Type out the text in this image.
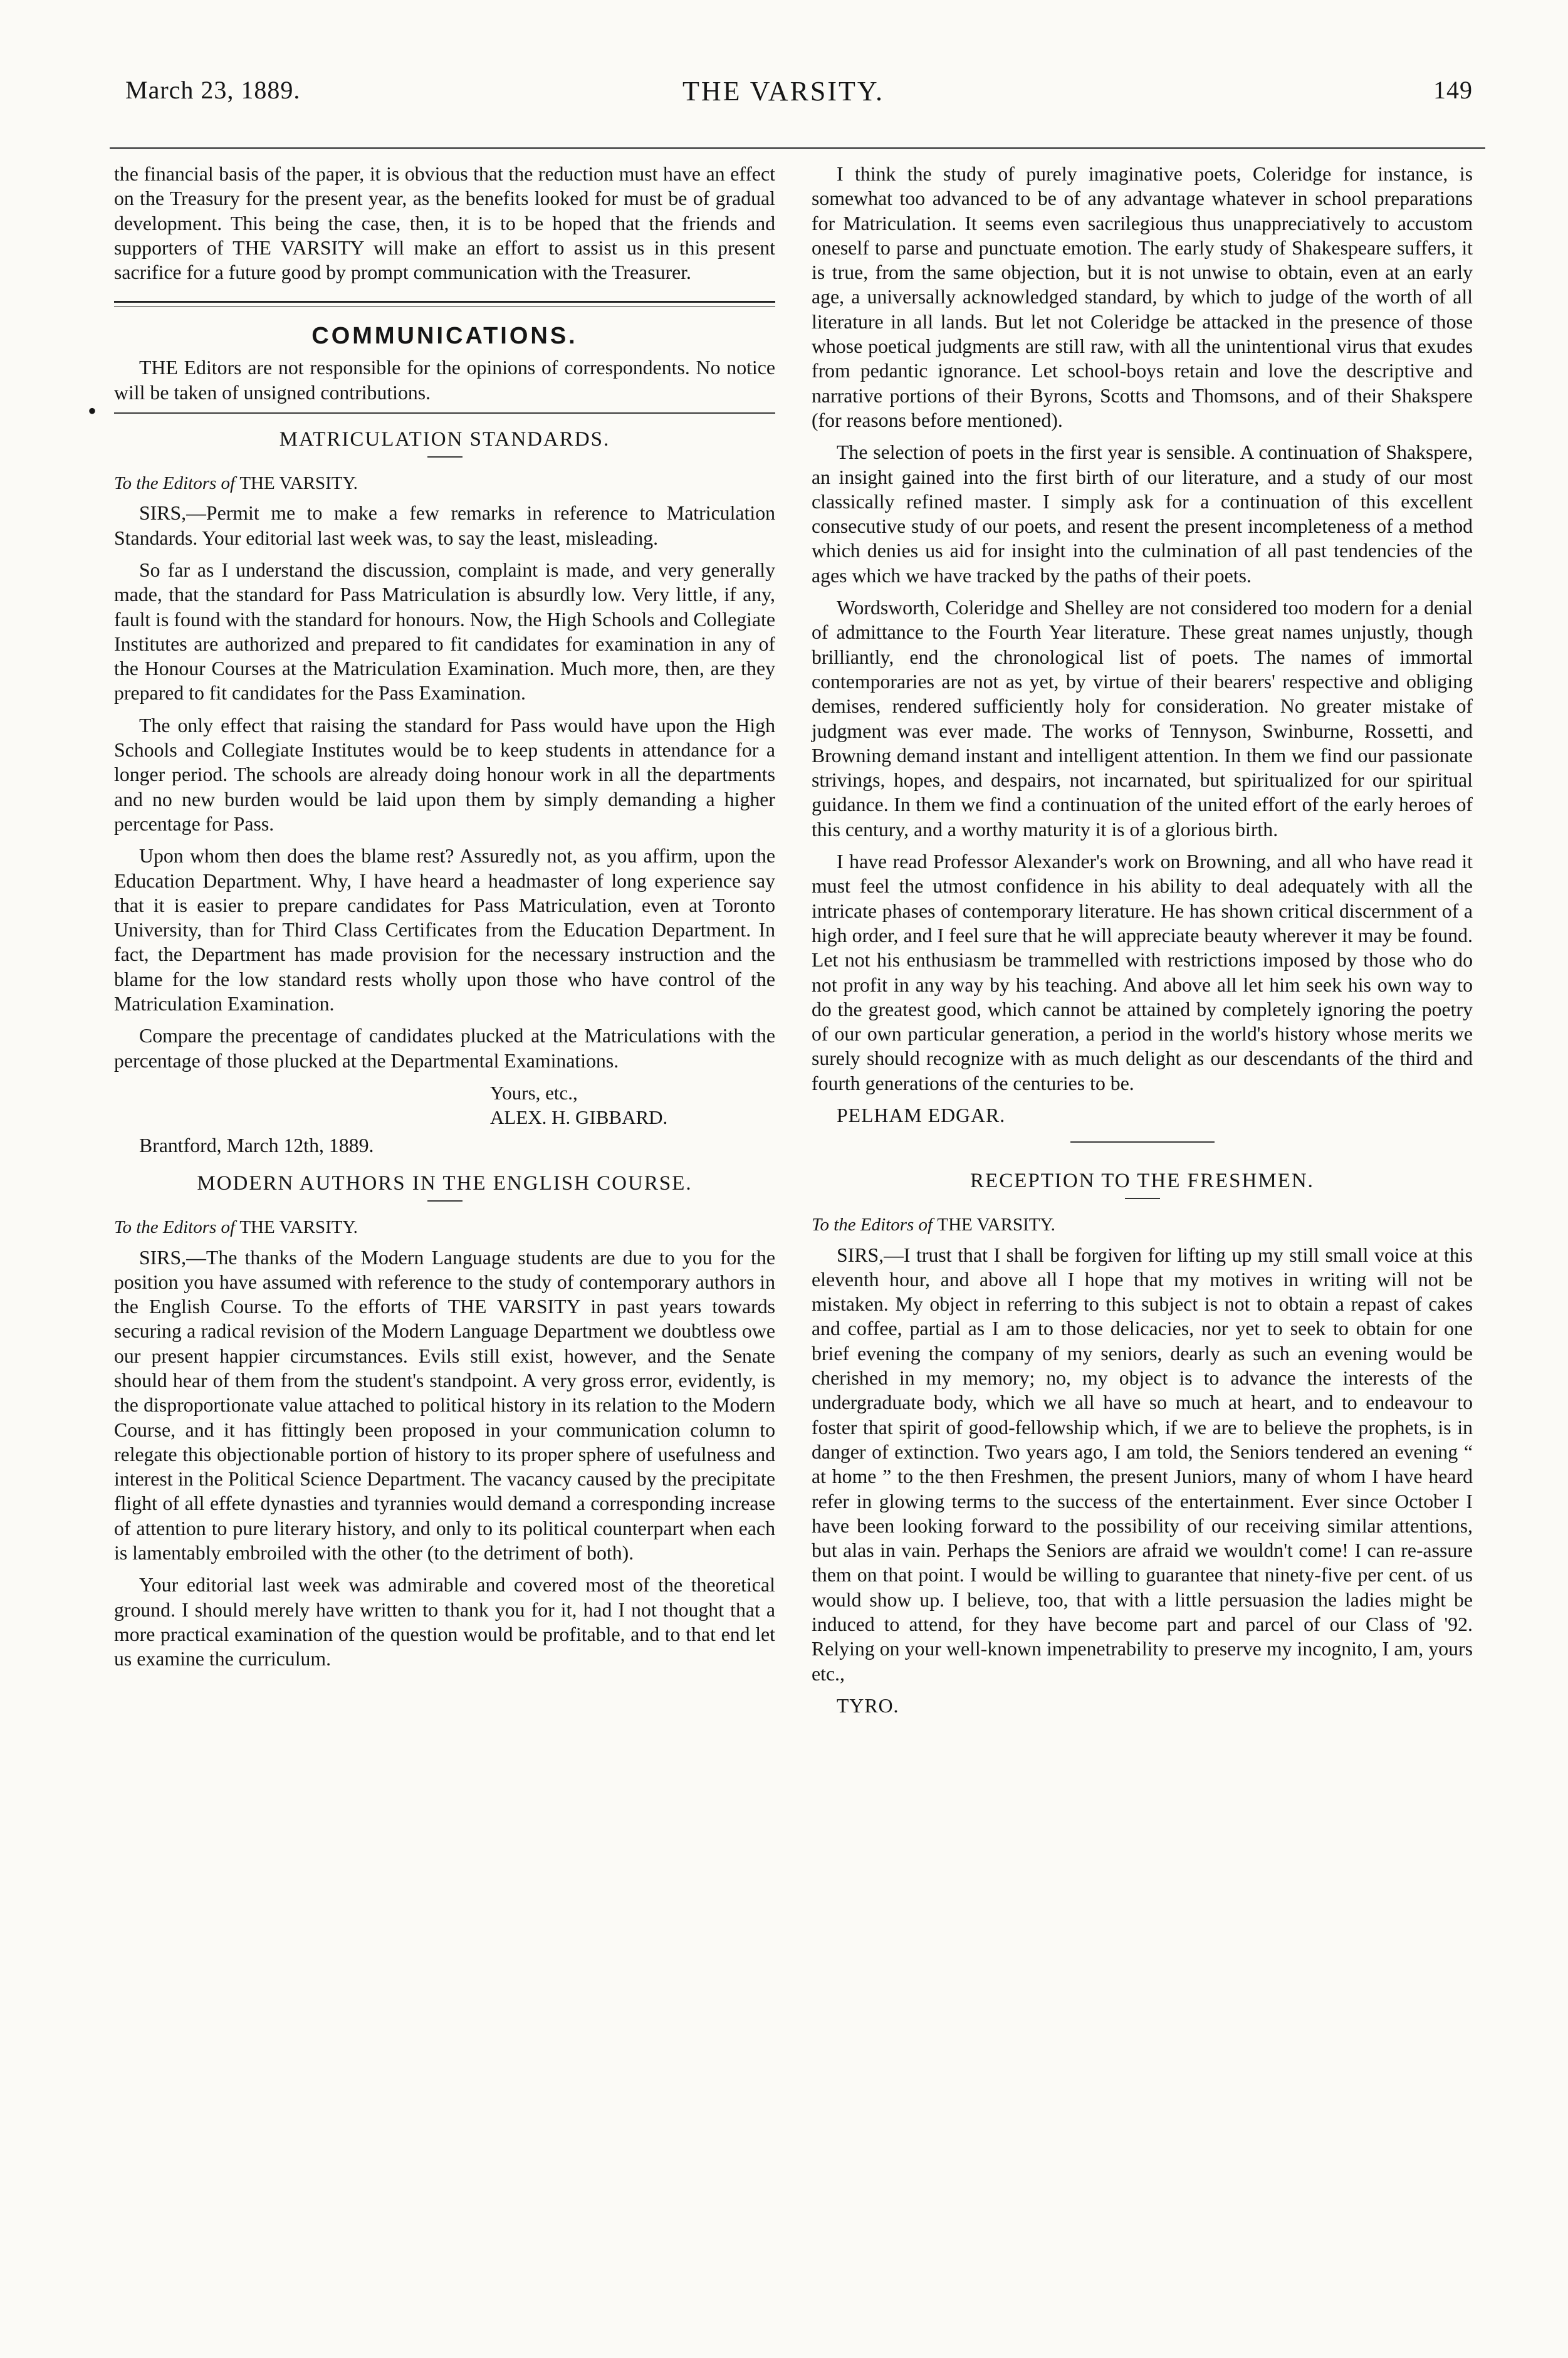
March 23, 1889.	THE VARSITY.	149
•

the financial basis of the paper, it is obvious that the reduction must have an effect on the Treasury for the present year, as the benefits looked for must be of gradual development. This being the case, then, it is to be hoped that the friends and supporters of THE VARSITY will make an effort to assist us in this present sacrifice for a future good by prompt communication with the Treasurer.

COMMUNICATIONS.

THE Editors are not responsible for the opinions of correspondents. No notice will be taken of unsigned contributions.

MATRICULATION STANDARDS.

To the Editors of THE VARSITY.

SIRS,—Permit me to make a few remarks in reference to Matriculation Standards. Your editorial last week was, to say the least, misleading.

So far as I understand the discussion, complaint is made, and very generally made, that the standard for Pass Matriculation is absurdly low. Very little, if any, fault is found with the standard for honours. Now, the High Schools and Collegiate Institutes are authorized and prepared to fit candidates for examination in any of the Honour Courses at the Matriculation Examination. Much more, then, are they prepared to fit candidates for the Pass Examination.

The only effect that raising the standard for Pass would have upon the High Schools and Collegiate Institutes would be to keep students in attendance for a longer period. The schools are already doing honour work in all the departments and no new burden would be laid upon them by simply demanding a higher percentage for Pass.

Upon whom then does the blame rest? Assuredly not, as you affirm, upon the Education Department. Why, I have heard a headmaster of long experience say that it is easier to prepare candidates for Pass Matriculation, even at Toronto University, than for Third Class Certificates from the Education Department. In fact, the Department has made provision for the necessary instruction and the blame for the low standard rests wholly upon those who have control of the Matriculation Examination.

Compare the precentage of candidates plucked at the Matriculations with the percentage of those plucked at the Departmental Examinations.

Yours, etc.,
ALEX. H. GIBBARD.

Brantford, March 12th, 1889.

MODERN AUTHORS IN THE ENGLISH COURSE.

To the Editors of THE VARSITY.

SIRS,—The thanks of the Modern Language students are due to you for the position you have assumed with reference to the study of contemporary authors in the English Course. To the efforts of THE VARSITY in past years towards securing a radical revision of the Modern Language Department we doubtless owe our present happier circumstances. Evils still exist, however, and the Senate should hear of them from the student's standpoint. A very gross error, evidently, is the disproportionate value attached to political history in its relation to the Modern Course, and it has fittingly been proposed in your communication column to relegate this objectionable portion of history to its proper sphere of usefulness and interest in the Political Science Department. The vacancy caused by the precipitate flight of all effete dynasties and tyrannies would demand a corresponding increase of attention to pure literary history, and only to its political counterpart when each is lamentably embroiled with the other (to the detriment of both).

Your editorial last week was admirable and covered most of the theoretical ground. I should merely have written to thank you for it, had I not thought that a more practical examination of the question would be profitable, and to that end let us examine the curriculum.

I think the study of purely imaginative poets, Coleridge for instance, is somewhat too advanced to be of any advantage whatever in school preparations for Matriculation. It seems even sacrilegious thus unappreciatively to accustom oneself to parse and punctuate emotion. The early study of Shakespeare suffers, it is true, from the same objection, but it is not unwise to obtain, even at an early age, a universally acknowledged standard, by which to judge of the worth of all literature in all lands. But let not Coleridge be attacked in the presence of those whose poetical judgments are still raw, with all the unintentional virus that exudes from pedantic ignorance. Let school-boys retain and love the descriptive and narrative portions of their Byrons, Scotts and Thomsons, and of their Shakspere (for reasons before mentioned).

The selection of poets in the first year is sensible. A continuation of Shakspere, an insight gained into the first birth of our literature, and a study of our most classically refined master. I simply ask for a continuation of this excellent consecutive study of our poets, and resent the present incompleteness of a method which denies us aid for insight into the culmination of all past tendencies of the ages which we have tracked by the paths of their poets.

Wordsworth, Coleridge and Shelley are not considered too modern for a denial of admittance to the Fourth Year literature. These great names unjustly, though brilliantly, end the chronological list of poets. The names of immortal contemporaries are not as yet, by virtue of their bearers' respective and obliging demises, rendered sufficiently holy for consideration. No greater mistake of judgment was ever made. The works of Tennyson, Swinburne, Rossetti, and Browning demand instant and intelligent attention. In them we find our passionate strivings, hopes, and despairs, not incarnated, but spiritualized for our spiritual guidance. In them we find a continuation of the united effort of the early heroes of this century, and a worthy maturity it is of a glorious birth.

I have read Professor Alexander's work on Browning, and all who have read it must feel the utmost confidence in his ability to deal adequately with all the intricate phases of contemporary literature. He has shown critical discernment of a high order, and I feel sure that he will appreciate beauty wherever it may be found. Let not his enthusiasm be trammelled with restrictions imposed by those who do not profit in any way by his teaching. And above all let him seek his own way to do the greatest good, which cannot be attained by completely ignoring the poetry of our own particular generation, a period in the world's history whose merits we surely should recognize with as much delight as our descendants of the third and fourth generations of the centuries to be.

PELHAM EDGAR.

RECEPTION TO THE FRESHMEN.

To the Editors of THE VARSITY.

SIRS,—I trust that I shall be forgiven for lifting up my still small voice at this eleventh hour, and above all I hope that my motives in writing will not be mistaken. My object in referring to this subject is not to obtain a repast of cakes and coffee, partial as I am to those delicacies, nor yet to seek to obtain for one brief evening the company of my seniors, dearly as such an evening would be cherished in my memory; no, my object is to advance the interests of the undergraduate body, which we all have so much at heart, and to endeavour to foster that spirit of good-fellowship which, if we are to believe the prophets, is in danger of extinction. Two years ago, I am told, the Seniors tendered an evening “ at home ” to the then Freshmen, the present Juniors, many of whom I have heard refer in glowing terms to the success of the entertainment. Ever since October I have been looking forward to the possibility of our receiving similar attentions, but alas in vain. Perhaps the Seniors are afraid we wouldn't come! I can re-assure them on that point. I would be willing to guarantee that ninety-five per cent. of us would show up. I believe, too, that with a little persuasion the ladies might be induced to attend, for they have become part and parcel of our Class of '92. Relying on your well-known impenetrability to preserve my incognito, I am, yours etc.,

TYRO.
